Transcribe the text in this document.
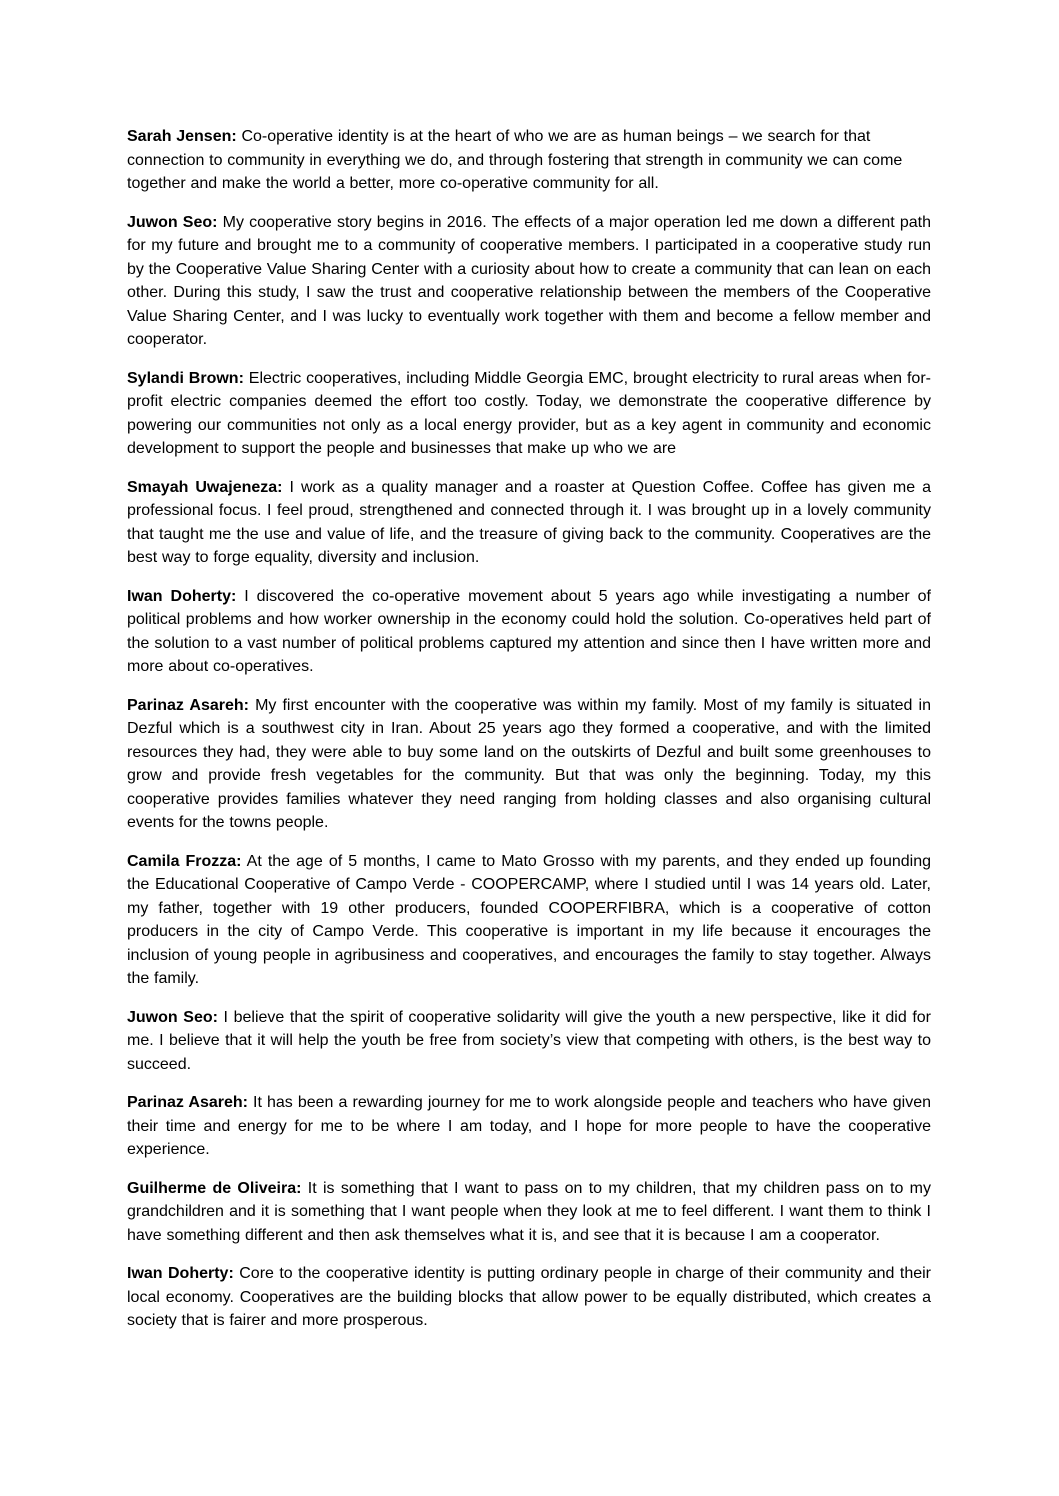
Sarah Jensen: Co-operative identity is at the heart of who we are as human beings – we search for that connection to community in everything we do, and through fostering that strength in community we can come together and make the world a better, more co-operative community for all.

Juwon Seo: My cooperative story begins in 2016. The effects of a major operation led me down a different path for my future and brought me to a community of cooperative members. I participated in a cooperative study run by the Cooperative Value Sharing Center with a curiosity about how to create a community that can lean on each other. During this study, I saw the trust and cooperative relationship between the members of the Cooperative Value Sharing Center, and I was lucky to eventually work together with them and become a fellow member and cooperator.

Sylandi Brown: Electric cooperatives, including Middle Georgia EMC, brought electricity to rural areas when for-profit electric companies deemed the effort too costly. Today, we demonstrate the cooperative difference by powering our communities not only as a local energy provider, but as a key agent in community and economic development to support the people and businesses that make up who we are

Smayah Uwajeneza: I work as a quality manager and a roaster at Question Coffee. Coffee has given me a professional focus. I feel proud, strengthened and connected through it. I was brought up in a lovely community that taught me the use and value of life, and the treasure of giving back to the community. Cooperatives are the best way to forge equality, diversity and inclusion.

Iwan Doherty: I discovered the co-operative movement about 5 years ago while investigating a number of political problems and how worker ownership in the economy could hold the solution. Co-operatives held part of the solution to a vast number of political problems captured my attention and since then I have written more and more about co-operatives.

Parinaz Asareh: My first encounter with the cooperative was within my family. Most of my family is situated in Dezful which is a southwest city in Iran. About 25 years ago they formed a cooperative, and with the limited resources they had, they were able to buy some land on the outskirts of Dezful and built some greenhouses to grow and provide fresh vegetables for the community. But that was only the beginning. Today, my this cooperative provides families whatever they need ranging from holding classes and also organising cultural events for the towns people.

Camila Frozza: At the age of 5 months, I came to Mato Grosso with my parents, and they ended up founding the Educational Cooperative of Campo Verde - COOPERCAMP, where I studied until I was 14 years old. Later, my father, together with 19 other producers, founded COOPERFIBRA, which is a cooperative of cotton producers in the city of Campo Verde. This cooperative is important in my life because it encourages the inclusion of young people in agribusiness and cooperatives, and encourages the family to stay together. Always the family.

Juwon Seo: I believe that the spirit of cooperative solidarity will give the youth a new perspective, like it did for me. I believe that it will help the youth be free from society’s view that competing with others, is the best way to succeed.

Parinaz Asareh: It has been a rewarding journey for me to work alongside people and teachers who have given their time and energy for me to be where I am today, and I hope for more people to have the cooperative experience.

Guilherme de Oliveira: It is something that I want to pass on to my children, that my children pass on to my grandchildren and it is something that I want people when they look at me to feel different. I want them to think I have something different and then ask themselves what it is, and see that it is because I am a cooperator.

Iwan Doherty: Core to the cooperative identity is putting ordinary people in charge of their community and their local economy. Cooperatives are the building blocks that allow power to be equally distributed, which creates a society that is fairer and more prosperous.
